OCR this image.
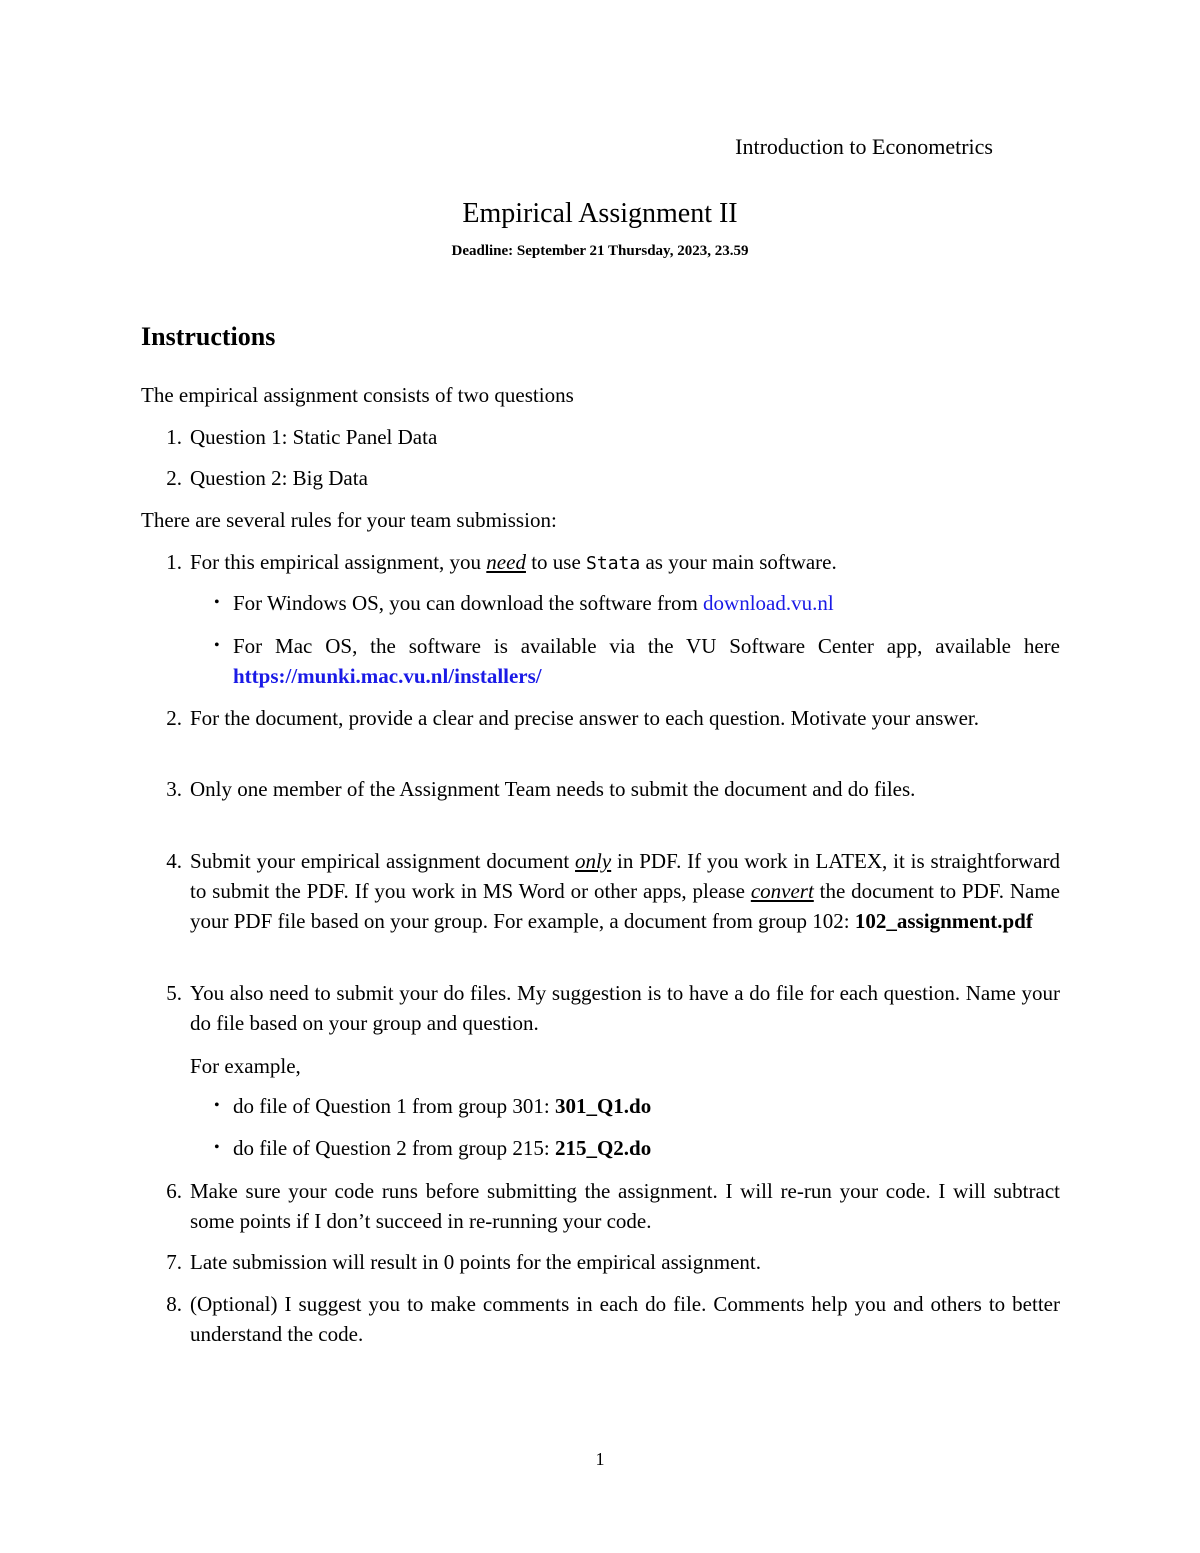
Introduction to Econometrics
Empirical Assignment II
Deadline: September 21 Thursday, 2023, 23.59
Instructions
The empirical assignment consists of two questions
1. Question 1: Static Panel Data
2. Question 2: Big Data
There are several rules for your team submission:
1. For this empirical assignment, you need to use Stata as your main software.
• For Windows OS, you can download the software from download.vu.nl
• For Mac OS, the software is available via the VU Software Center app, available here https://munki.mac.vu.nl/installers/
2. For the document, provide a clear and precise answer to each question. Motivate your answer.
3. Only one member of the Assignment Team needs to submit the document and do files.
4. Submit your empirical assignment document only in PDF. If you work in LATEX, it is straightforward to submit the PDF. If you work in MS Word or other apps, please convert the document to PDF. Name your PDF file based on your group. For example, a document from group 102: 102_assignment.pdf
5. You also need to submit your do files. My suggestion is to have a do file for each question. Name your do file based on your group and question.
For example,
• do file of Question 1 from group 301: 301_Q1.do
• do file of Question 2 from group 215: 215_Q2.do
6. Make sure your code runs before submitting the assignment. I will re-run your code. I will subtract some points if I don’t succeed in re-running your code.
7. Late submission will result in 0 points for the empirical assignment.
8. (Optional) I suggest you to make comments in each do file. Comments help you and others to better understand the code.
1
